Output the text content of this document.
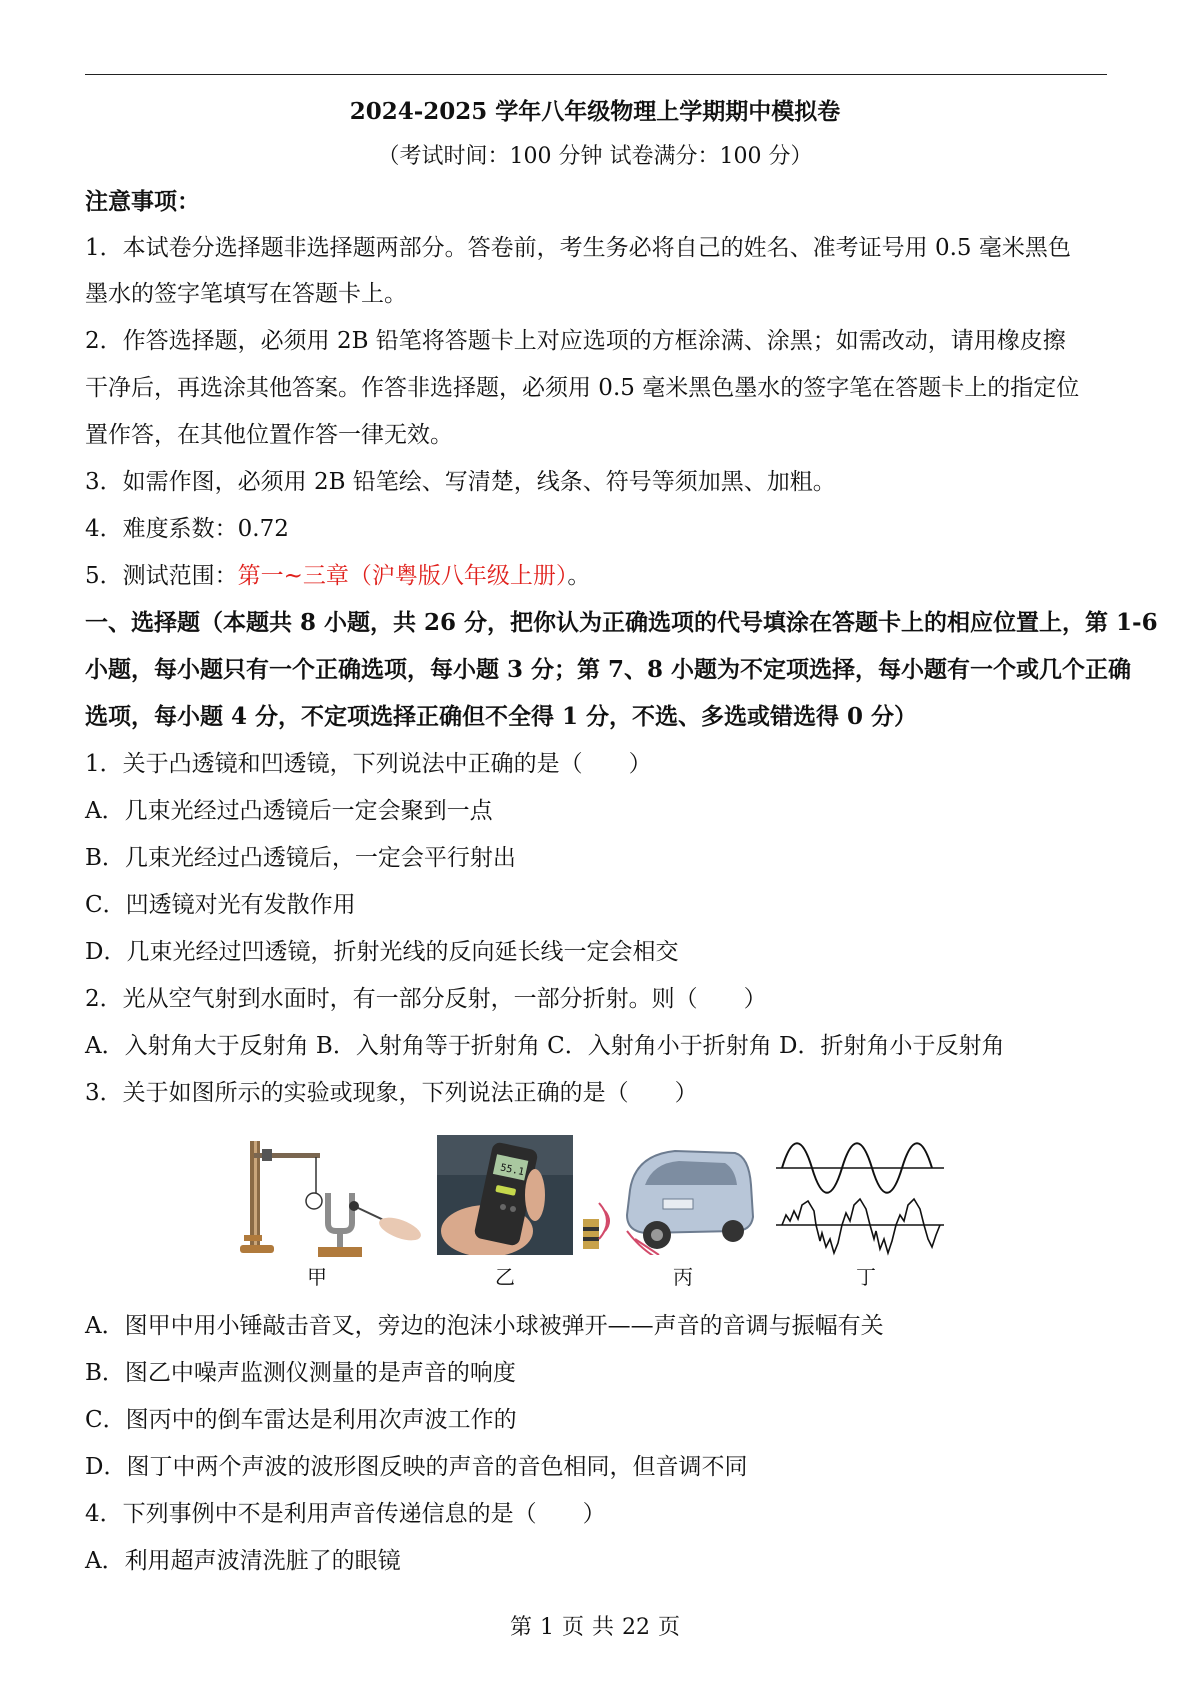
2024-2025 学年八年级物理上学期期中模拟卷
（考试时间：100 分钟 试卷满分：100 分）
注意事项：
1．本试卷分选择题非选择题两部分。答卷前，考生务必将自己的姓名、准考证号用 0.5 毫米黑色
墨水的签字笔填写在答题卡上。
2．作答选择题，必须用 2B 铅笔将答题卡上对应选项的方框涂满、涂黑；如需改动，请用橡皮擦
干净后，再选涂其他答案。作答非选择题，必须用 0.5 毫米黑色墨水的签字笔在答题卡上的指定位
置作答，在其他位置作答一律无效。
3．如需作图，必须用 2B 铅笔绘、写清楚，线条、符号等须加黑、加粗。
4．难度系数：0.72
5．测试范围：第一~三章（沪粤版八年级上册）。
一、选择题（本题共 8 小题，共 26 分，把你认为正确选项的代号填涂在答题卡上的相应位置上，第 1-6
小题，每小题只有一个正确选项，每小题 3 分；第 7、8 小题为不定项选择，每小题有一个或几个正确
选项，每小题 4 分，不定项选择正确但不全得 1 分，不选、多选或错选得 0 分）
1．关于凸透镜和凹透镜，下列说法中正确的是（　　）
A．几束光经过凸透镜后一定会聚到一点
B．几束光经过凸透镜后，一定会平行射出
C．凹透镜对光有发散作用
D．几束光经过凹透镜，折射光线的反向延长线一定会相交
2．光从空气射到水面时，有一部分反射，一部分折射。则（　　）
A．入射角大于反射角 B．入射角等于折射角 C．入射角小于折射角 D．折射角小于反射角
3．关于如图所示的实验或现象，下列说法正确的是（　　）
甲
55.1
乙	丙	丁
A．图甲中用小锤敲击音叉，旁边的泡沫小球被弹开——声音的音调与振幅有关
B．图乙中噪声监测仪测量的是声音的响度
C．图丙中的倒车雷达是利用次声波工作的
D．图丁中两个声波的波形图反映的声音的音色相同，但音调不同
4．下列事例中不是利用声音传递信息的是（　　）
A．利用超声波清洗脏了的眼镜
第 1 页 共 22 页
